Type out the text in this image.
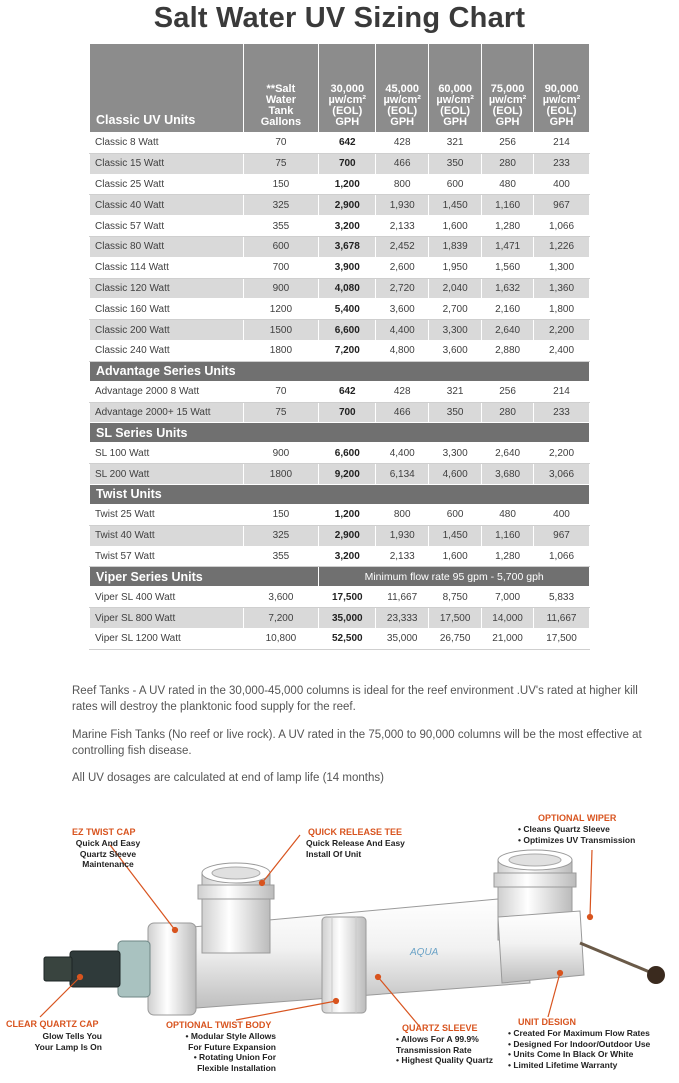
Salt Water UV Sizing Chart
Classic UV Units	**Salt
Water
Tank
Gallons	30,000
µw/cm²
(EOL)
GPH	45,000
µw/cm²
(EOL)
GPH	60,000
µw/cm²
(EOL)
GPH	75,000
µw/cm²
(EOL)
GPH	90,000
µw/cm²
(EOL)
GPH
Classic 8 Watt	70	642	428	321	256	214
Classic 15 Watt	75	700	466	350	280	233
Classic 25 Watt	150	1,200	800	600	480	400
Classic 40 Watt	325	2,900	1,930	1,450	1,160	967
Classic 57 Watt	355	3,200	2,133	1,600	1,280	1,066
Classic 80 Watt	600	3,678	2,452	1,839	1,471	1,226
Classic 114 Watt	700	3,900	2,600	1,950	1,560	1,300
Classic 120 Watt	900	4,080	2,720	2,040	1,632	1,360
Classic 160 Watt	1200	5,400	3,600	2,700	2,160	1,800
Classic 200 Watt	1500	6,600	4,400	3,300	2,640	2,200
Classic 240 Watt	1800	7,200	4,800	3,600	2,880	2,400
Advantage Series Units						
Advantage 2000 8 Watt	70	642	428	321	256	214
Advantage 2000+ 15 Watt	75	700	466	350	280	233
SL Series Units						
SL 100 Watt	900	6,600	4,400	3,300	2,640	2,200
SL 200 Watt	1800	9,200	6,134	4,600	3,680	3,066
Twist Units						
Twist 25 Watt	150	1,200	800	600	480	400
Twist 40 Watt	325	2,900	1,930	1,450	1,160	967
Twist 57 Watt	355	3,200	2,133	1,600	1,280	1,066
Viper Series Units		Minimum flow rate 95 gpm - 5,700 gph				
Viper SL 400 Watt	3,600	17,500	11,667	8,750	7,000	5,833
Viper SL 800 Watt	7,200	35,000	23,333	17,500	14,000	11,667
Viper SL 1200 Watt	10,800	52,500	35,000	26,750	21,000	17,500
Reef Tanks - A UV rated in the 30,000-45,000 columns is ideal for the reef environment .UV's rated at higher kill rates will destroy the planktonic food supply for the reef.
Marine Fish Tanks (No reef or live rock). A UV rated in the 75,000 to 90,000 columns will be the most effective at controlling fish disease.
All UV dosages are calculated at end of lamp life (14 months)
AQUA
EZ TWIST CAP
Quick And Easy
Quartz Sleeve
Maintenance
QUICK RELEASE TEE
Quick Release And Easy
Install Of Unit
OPTIONAL WIPER
• Cleans Quartz Sleeve
• Optimizes UV Transmission
CLEAR QUARTZ CAP
Glow Tells You
Your Lamp Is On
OPTIONAL TWIST BODY
• Modular Style Allows
For Future Expansion
• Rotating Union For
Flexible Installation
QUARTZ SLEEVE
• Allows For A 99.9%
Transmission Rate
• Highest Quality Quartz
UNIT DESIGN
• Created For Maximum Flow Rates
• Designed For Indoor/Outdoor Use
• Units Come In Black Or White
• Limited Lifetime Warranty
